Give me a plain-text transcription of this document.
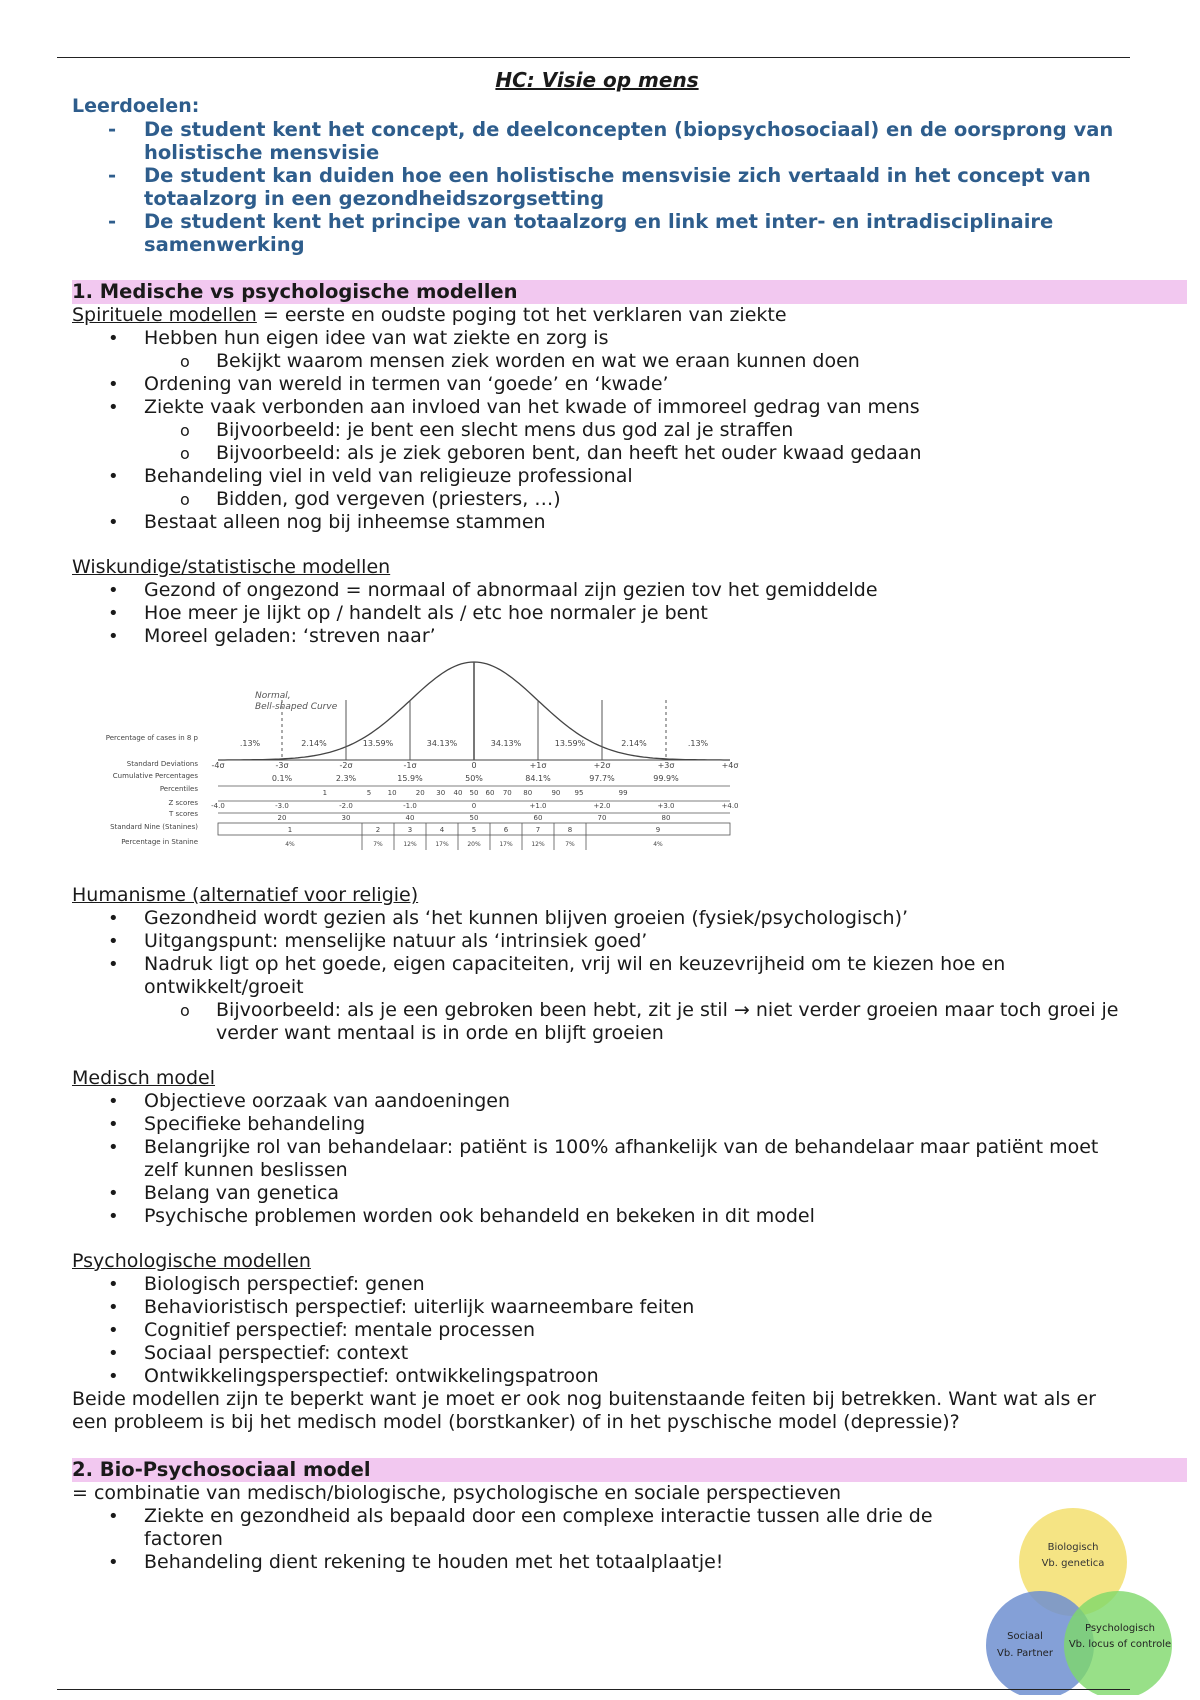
HC: Visie op mens
Leerdoelen:
- De student kent het concept, de deelconcepten (biopsychosociaal) en de oorsprong van holistische mensvisie
- De student kan duiden hoe een holistische mensvisie zich vertaald in het concept van totaalzorg in een gezondheidszorgsetting
- De student kent het principe van totaalzorg en link met inter- en intradisciplinaire samenwerking
1. Medische vs psychologische modellen
Spirituele modellen = eerste en oudste poging tot het verklaren van ziekte
• Hebben hun eigen idee van wat ziekte en zorg is
o Bekijkt waarom mensen ziek worden en wat we eraan kunnen doen
• Ordening van wereld in termen van ‘goede’ en ‘kwade’
• Ziekte vaak verbonden aan invloed van het kwade of immoreel gedrag van mens
o Bijvoorbeeld: je bent een slecht mens dus god zal je straffen
o Bijvoorbeeld: als je ziek geboren bent, dan heeft het ouder kwaad gedaan
• Behandeling viel in veld van religieuze professional
o Bidden, god vergeven (priesters, …)
• Bestaat alleen nog bij inheemse stammen
Wiskundige/statistische modellen
• Gezond of ongezond = normaal of abnormaal zijn gezien tov het gemiddelde
• Hoe meer je lijkt op / handelt als / etc hoe normaler je bent
• Moreel geladen: ‘streven naar’
Normal,
Bell-shaped Curve
.13%	2.14%	13.59%	34.13%	34.13%	13.59%	2.14%	.13%
Percentage of cases in 8 p
Standard Deviations
Cumulative Percentages
Percentiles
Z scores
T scores
Standard Nine (Stanines)
Percentage in Stanine
-4σ	-3σ	-2σ	-1σ	0	+1σ	+2σ	+3σ	+4σ
0.1%	2.3%	15.9%	50%	84.1%	97.7%	99.9%
1	5 10	20 30 40 50 60 70 80	90 95	99
-4.0	-3.0	-2.0	-1.0	0	+1.0	+2.0	+3.0	+4.0
20	30	40	50	60	70	80
1
4%
2
7%
3
12%
4
17%
5
20%
6
17%
7
12%
8
7%
9
4%
Humanisme (alternatief voor religie)
• Gezondheid wordt gezien als ‘het kunnen blijven groeien (fysiek/psychologisch)’
• Uitgangspunt: menselijke natuur als ‘intrinsiek goed’
• Nadruk ligt op het goede, eigen capaciteiten, vrij wil en keuzevrijheid om te kiezen hoe en ontwikkelt/groeit
o Bijvoorbeeld: als je een gebroken been hebt, zit je stil → niet verder groeien maar toch groei je verder want mentaal is in orde en blijft groeien
Medisch model
• Objectieve oorzaak van aandoeningen
• Specifieke behandeling
• Belangrijke rol van behandelaar: patiënt is 100% afhankelijk van de behandelaar maar patiënt moet zelf kunnen beslissen
• Belang van genetica
• Psychische problemen worden ook behandeld en bekeken in dit model
Psychologische modellen
• Biologisch perspectief: genen
• Behavioristisch perspectief: uiterlijk waarneembare feiten
• Cognitief perspectief: mentale processen
• Sociaal perspectief: context
• Ontwikkelingsperspectief: ontwikkelingspatroon
Beide modellen zijn te beperkt want je moet er ook nog buitenstaande feiten bij betrekken. Want wat als er een probleem is bij het medisch model (borstkanker) of in het pyschische model (depressie)?
2. Bio-Psychosociaal model
= combinatie van medisch/biologische, psychologische en sociale perspectieven
• Ziekte en gezondheid als bepaald door een complexe interactie tussen alle drie de factoren
• Behandeling dient rekening te houden met het totaalplaatje!
Biologisch
Vb. genetica
Sociaal
Vb. Partner
Psychologisch
Vb. locus of controle
